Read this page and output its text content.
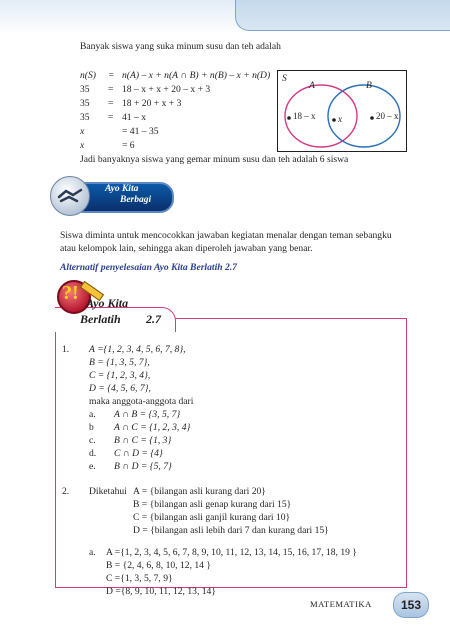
Banyak siswa yang suka minum susu dan teh adalah
n(S) = n(A) – x + n(A ∩ B) + n(B) – x + n(D)
35 = 18 – x + x + 20 – x + 3
35 = 18 + 20 + x + 3
35 = 41 – x
x	= 41 – 35
x	= 6
S
A	B
18 – x	x	20 – x
Jadi banyaknya siswa yang gemar minum susu dan teh adalah 6 siswa
Ayo Kita
Berbagi
Siswa diminta untuk mencocokkan jawaban kegiatan menalar dengan teman sebangku
atau kelompok lain, sehingga akan diperoleh jawaban yang benar.
Alternatif penyelesaian Ayo Kita Berlatih 2.7
?! Ayo Kita
Berlatih 2.7
1. A ={1, 2, 3, 4, 5, 6, 7, 8},
B = {1, 3, 5, 7},
C = {1, 2, 3, 4},
D = {4, 5, 6, 7},
maka anggota-anggota dari
a. A ∩ B = {3, 5, 7}
b A ∩ C = {1, 2, 3, 4}
c. B ∩ C = {1, 3}
d. C ∩ D = {4}
e. B ∩ D = {5, 7}
2. Diketahui A = {bilangan asli kurang dari 20}
B = {bilangan asli genap kurang dari 15}
C = {bilangan asli ganjil kurang dari 10}
D = {bilangan asli lebih dari 7 dan kurang dari 15}
a. A ={1, 2, 3, 4, 5, 6, 7, 8, 9, 10, 11, 12, 13, 14, 15, 16, 17, 18, 19 }
B = {2, 4, 6, 8, 10, 12, 14 }
C ={1, 3, 5, 7, 9}
D ={8, 9, 10, 11, 12, 13, 14}
MATEMATIKA	153
